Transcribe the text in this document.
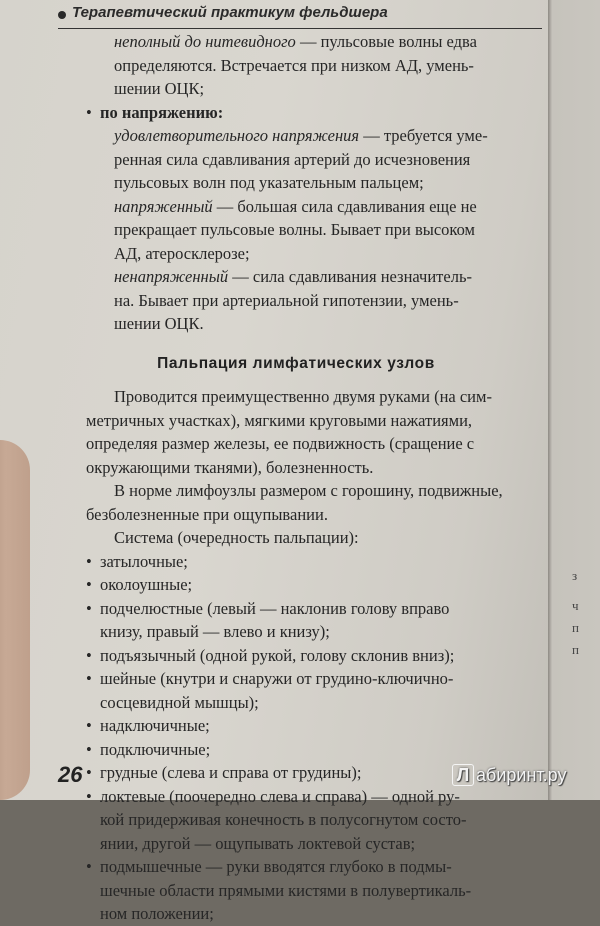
з
ч
п
п
Терапевтический практикум фельдшера
неполный до нитевидного — пульсовые волны едва
определяются. Встречается при низком АД, умень-
шении ОЦК;
• по напряжению:
удовлетворительного напряжения — требуется уме-
ренная сила сдавливания артерий до исчезновения
пульсовых волн под указательным пальцем;
напряженный — большая сила сдавливания еще не
прекращает пульсовые волны. Бывает при высоком
АД, атеросклерозе;
ненапряженный — сила сдавливания незначитель-
на. Бывает при артериальной гипотензии, умень-
шении ОЦК.
Пальпация лимфатических узлов
Проводится преимущественно двумя руками (на сим-
метричных участках), мягкими круговыми нажатиями,
определяя размер железы, ее подвижность (сращение с
окружающими тканями), болезненность.
В норме лимфоузлы размером с горошину, подвижные,
безболезненные при ощупывании.
Система (очередность пальпации):
• затылочные;
• околоушные;
• подчелюстные (левый — наклонив голову вправо
книзу, правый — влево и книзу);
• подъязычный (одной рукой, голову склонив вниз);
• шейные (кнутри и снаружи от грудино-ключично-
сосцевидной мышцы);
• надключичные;
• подключичные;
• грудные (слева и справа от грудины);
• локтевые (поочередно слева и справа) — одной ру-
кой придерживая конечность в полусогнутом состо-
янии, другой — ощупывать локтевой сустав;
• подмышечные — руки вводятся глубоко в подмы-
шечные области прямыми кистями в полувертикаль-
ном положении;
26	Л абиринт.ру
